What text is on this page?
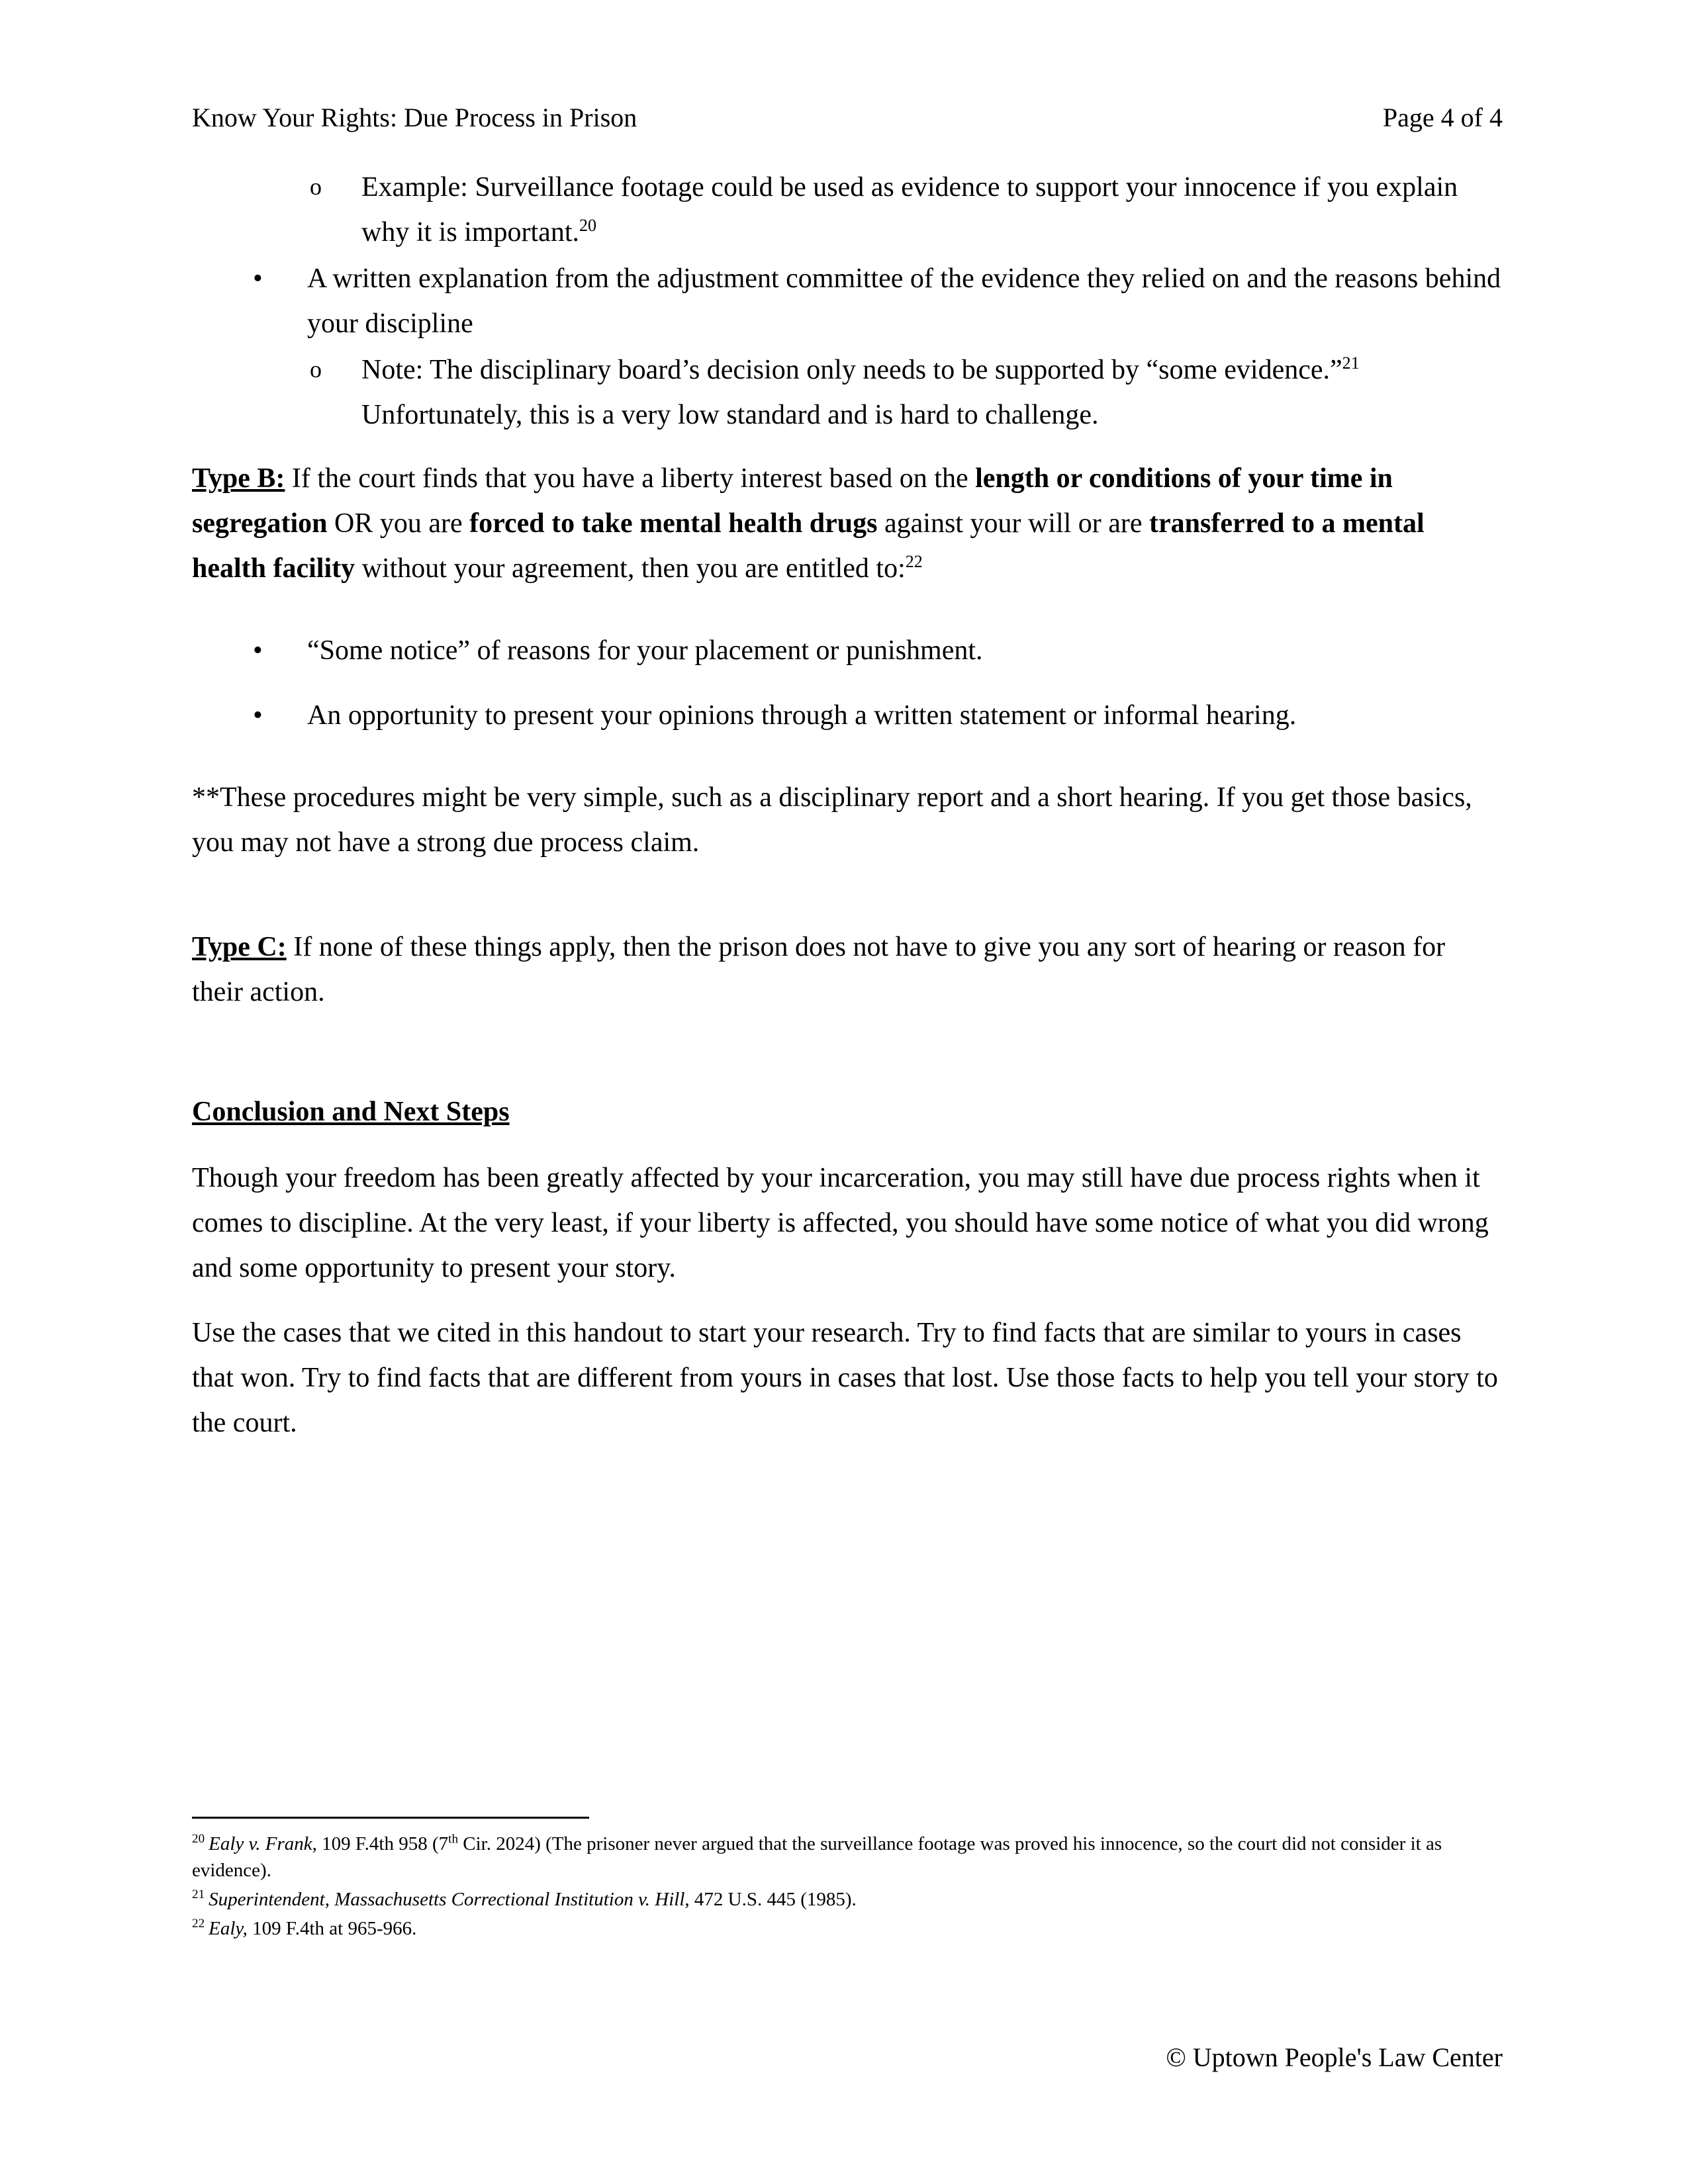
Know Your Rights: Due Process in Prison	Page 4 of 4
o	Example: Surveillance footage could be used as evidence to support your innocence if you explain why it is important.$^{20}$
•	A written explanation from the adjustment committee of the evidence they relied on and the reasons behind your discipline
o	Note: The disciplinary board’s decision only needs to be supported by “some evidence.”$^{21}$ Unfortunately, this is a very low standard and is hard to challenge.

Type B: If the court finds that you have a liberty interest based on the length or conditions of your time in segregation OR you are forced to take mental health drugs against your will or are transferred to a mental health facility without your agreement, then you are entitled to:$^{22}$

•	“Some notice” of reasons for your placement or punishment.
•	An opportunity to present your opinions through a written statement or informal hearing.

**These procedures might be very simple, such as a disciplinary report and a short hearing. If you get those basics, you may not have a strong due process claim.

Type C: If none of these things apply, then the prison does not have to give you any sort of hearing or reason for their action.

Conclusion and Next Steps

Though your freedom has been greatly affected by your incarceration, you may still have due process rights when it comes to discipline. At the very least, if your liberty is affected, you should have some notice of what you did wrong and some opportunity to present your story.

Use the cases that we cited in this handout to start your research. Try to find facts that are similar to yours in cases that won. Try to find facts that are different from yours in cases that lost. Use those facts to help you tell your story to the court.

$^{20}$ Ealy v. Frank, 109 F.4th 958 (7th Cir. 2024) (The prisoner never argued that the surveillance footage was proved his innocence, so the court did not consider it as evidence).

$^{21}$ Superintendent, Massachusetts Correctional Institution v. Hill, 472 U.S. 445 (1985).

$^{22}$ Ealy, 109 F.4th at 965-966.

© Uptown People's Law Center
